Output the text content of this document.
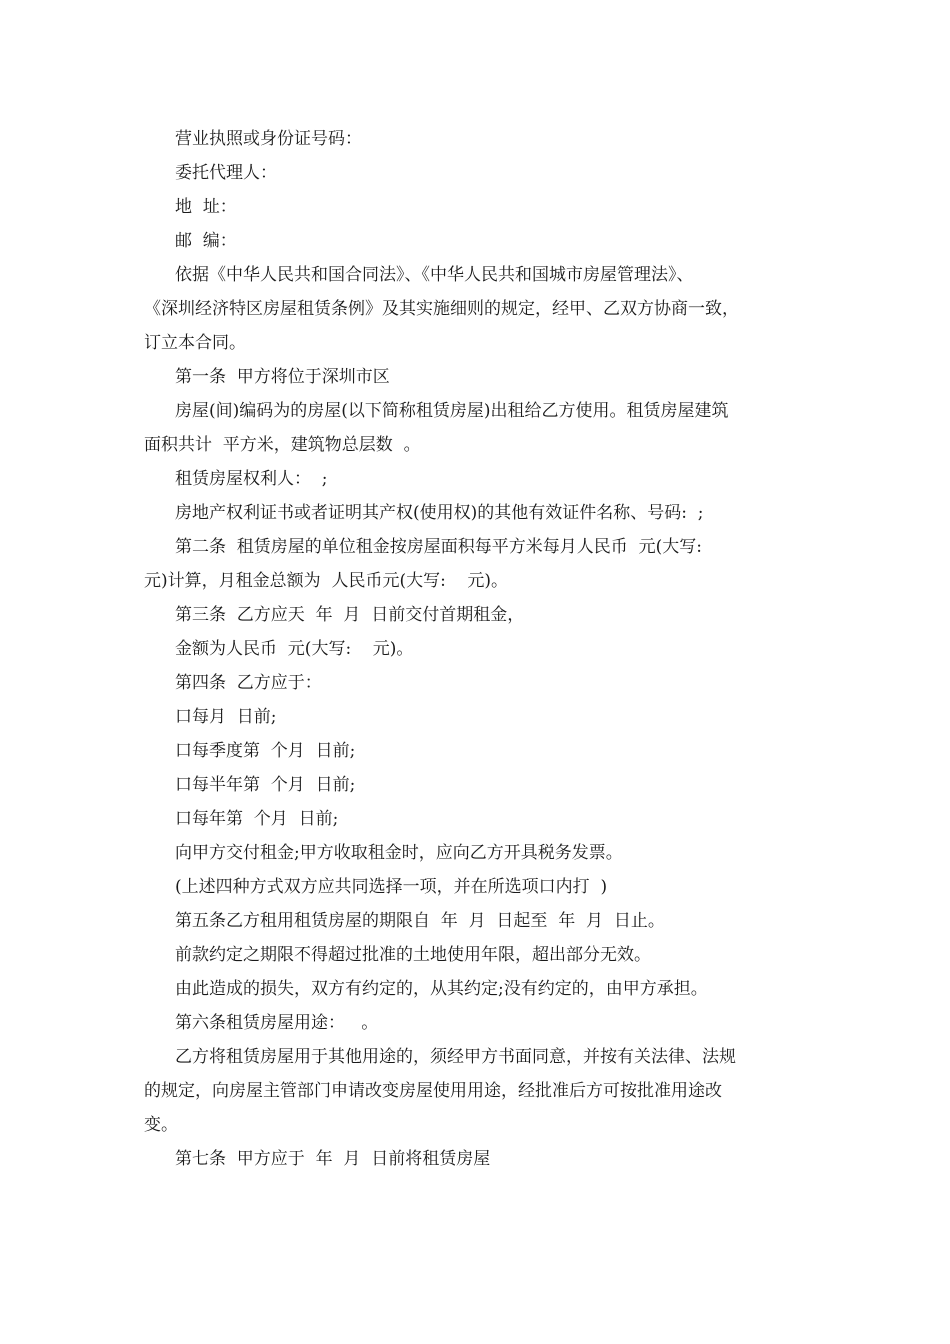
营业执照或身份证号码：

委托代理人：

地  址：

邮  编：

依据《中华人民共和国合同法》、《中华人民共和国城市房屋管理法》、

《深圳经济特区房屋租赁条例》及其实施细则的规定，经甲、乙双方协商一致，

订立本合同。

第一条  甲方将位于深圳市区

房屋(间)编码为的房屋(以下简称租赁房屋)出租给乙方使用。租赁房屋建筑

面积共计  平方米，建筑物总层数  。

租赁房屋权利人：  ;

房地产权利证书或者证明其产权(使用权)的其他有效证件名称、号码:  ;

第二条  租赁房屋的单位租金按房屋面积每平方米每月人民币  元(大写:

元)计算，月租金总额为  人民币元(大写:    元)。

第三条  乙方应天  年  月  日前交付首期租金，

金额为人民币  元(大写:    元)。

第四条  乙方应于：

口每月  日前;

口每季度第  个月  日前;

口每半年第  个月  日前;

口每年第  个月  日前;

向甲方交付租金;甲方收取租金时，应向乙方开具税务发票。

(上述四种方式双方应共同选择一项，并在所选项口内打  )

第五条乙方租用租赁房屋的期限自  年  月  日起至  年  月  日止。

前款约定之期限不得超过批准的土地使用年限，超出部分无效。

由此造成的损失，双方有约定的，从其约定;没有约定的，由甲方承担。

第六条租赁房屋用途：   。

乙方将租赁房屋用于其他用途的，须经甲方书面同意，并按有关法律、法规

的规定，向房屋主管部门申请改变房屋使用用途，经批准后方可按批准用途改

变。

第七条  甲方应于  年  月  日前将租赁房屋
